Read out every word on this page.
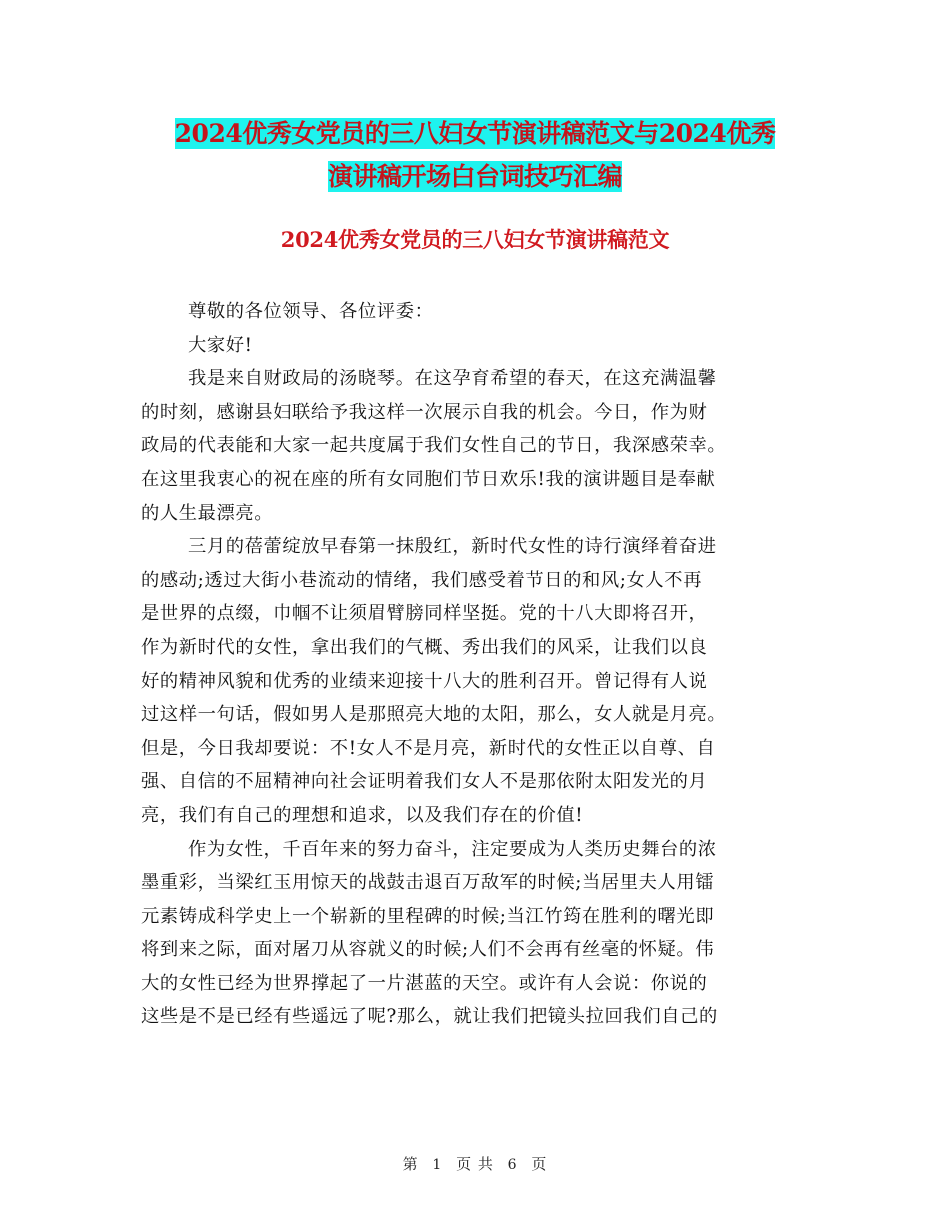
2024优秀女党员的三八妇女节演讲稿范文与2024优秀
演讲稿开场白台词技巧汇编
2024优秀女党员的三八妇女节演讲稿范文

尊敬的各位领导、各位评委：

大家好!

我是来自财政局的汤晓琴。在这孕育希望的春天，在这充满温馨
的时刻，感谢县妇联给予我这样一次展示自我的机会。今日，作为财
政局的代表能和大家一起共度属于我们女性自己的节日，我深感荣幸。
在这里我衷心的祝在座的所有女同胞们节日欢乐!我的演讲题目是奉献
的人生最漂亮。

三月的蓓蕾绽放早春第一抹殷红，新时代女性的诗行演绎着奋进
的感动;透过大街小巷流动的情绪，我们感受着节日的和风;女人不再
是世界的点缀，巾帼不让须眉臂膀同样坚挺。党的十八大即将召开，
作为新时代的女性，拿出我们的气概、秀出我们的风采，让我们以良
好的精神风貌和优秀的业绩来迎接十八大的胜利召开。曾记得有人说
过这样一句话，假如男人是那照亮大地的太阳，那么，女人就是月亮。
但是，今日我却要说：不!女人不是月亮，新时代的女性正以自尊、自
强、自信的不屈精神向社会证明着我们女人不是那依附太阳发光的月
亮，我们有自己的理想和追求，以及我们存在的价值!

作为女性，千百年来的努力奋斗，注定要成为人类历史舞台的浓
墨重彩，当梁红玉用惊天的战鼓击退百万敌军的时候;当居里夫人用镭
元素铸成科学史上一个崭新的里程碑的时候;当江竹筠在胜利的曙光即
将到来之际，面对屠刀从容就义的时候;人们不会再有丝毫的怀疑。伟
大的女性已经为世界撑起了一片湛蓝的天空。或许有人会说：你说的
这些是不是已经有些遥远了呢?那么，就让我们把镜头拉回我们自己的

第 1 页 共 6 页
